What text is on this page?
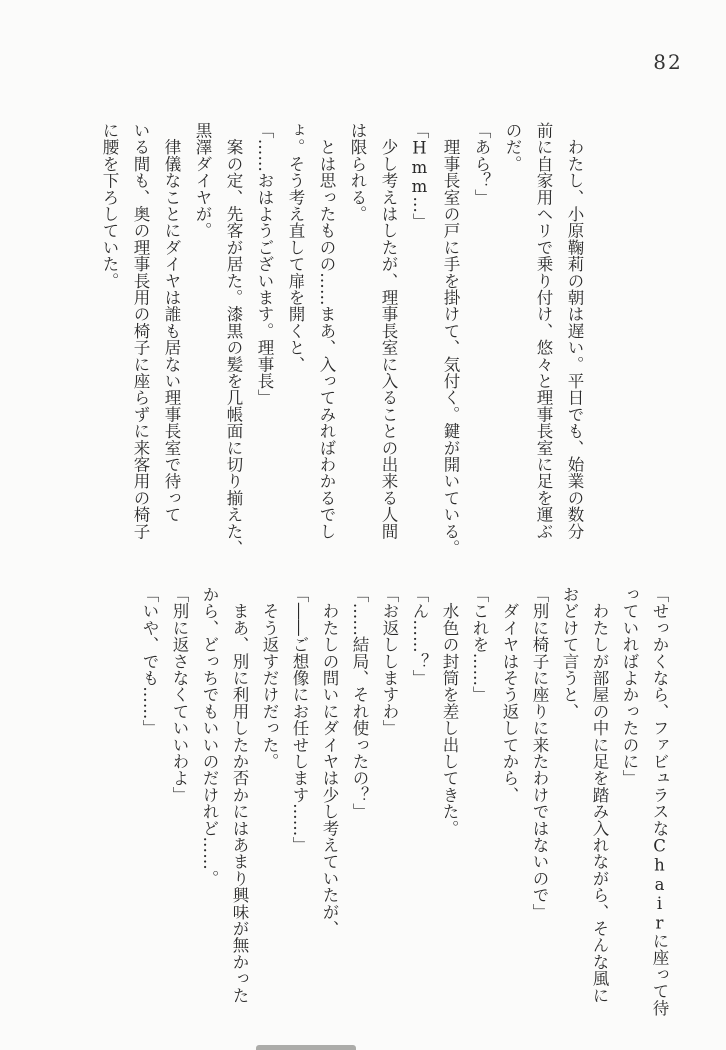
82
　わたし、小原鞠莉の朝は遅い。平日でも、始業の数分
前に自家用ヘリで乗り付け、悠々と理事長室に足を運ぶ
のだ。
「あら？」
　理事長室の戸に手を掛けて、気付く。鍵が開いている。
「Hmm…」
　少し考えはしたが、理事長室に入ることの出来る人間
は限られる。
　とは思ったものの……まあ、入ってみればわかるでし
ょ。そう考え直して扉を開くと、
「……おはようございます。理事長」
　案の定、先客が居た。漆黒の髪を几帳面に切り揃えた、
黒澤ダイヤが。
　律儀なことにダイヤは誰も居ない理事長室で待って
いる間も、奥の理事長用の椅子に座らずに来客用の椅子
に腰を下ろしていた。
「せっかくなら、ファビュラスなChairに座って待
っていればよかったのに」
　わたしが部屋の中に足を踏み入れながら、そんな風に
おどけて言うと、
「別に椅子に座りに来たわけではないので」
　ダイヤはそう返してから、
「これを……」
　水色の封筒を差し出してきた。
「ん……？」
「お返ししますわ」
「……結局、それ使ったの？」
　わたしの問いにダイヤは少し考えていたが、
「――ご想像にお任せします……」
　そう返すだけだった。
　まあ、別に利用したか否かにはあまり興味が無かった
から、どっちでもいいのだけれど……。
「別に返さなくていいわよ」
「いや、でも……」
